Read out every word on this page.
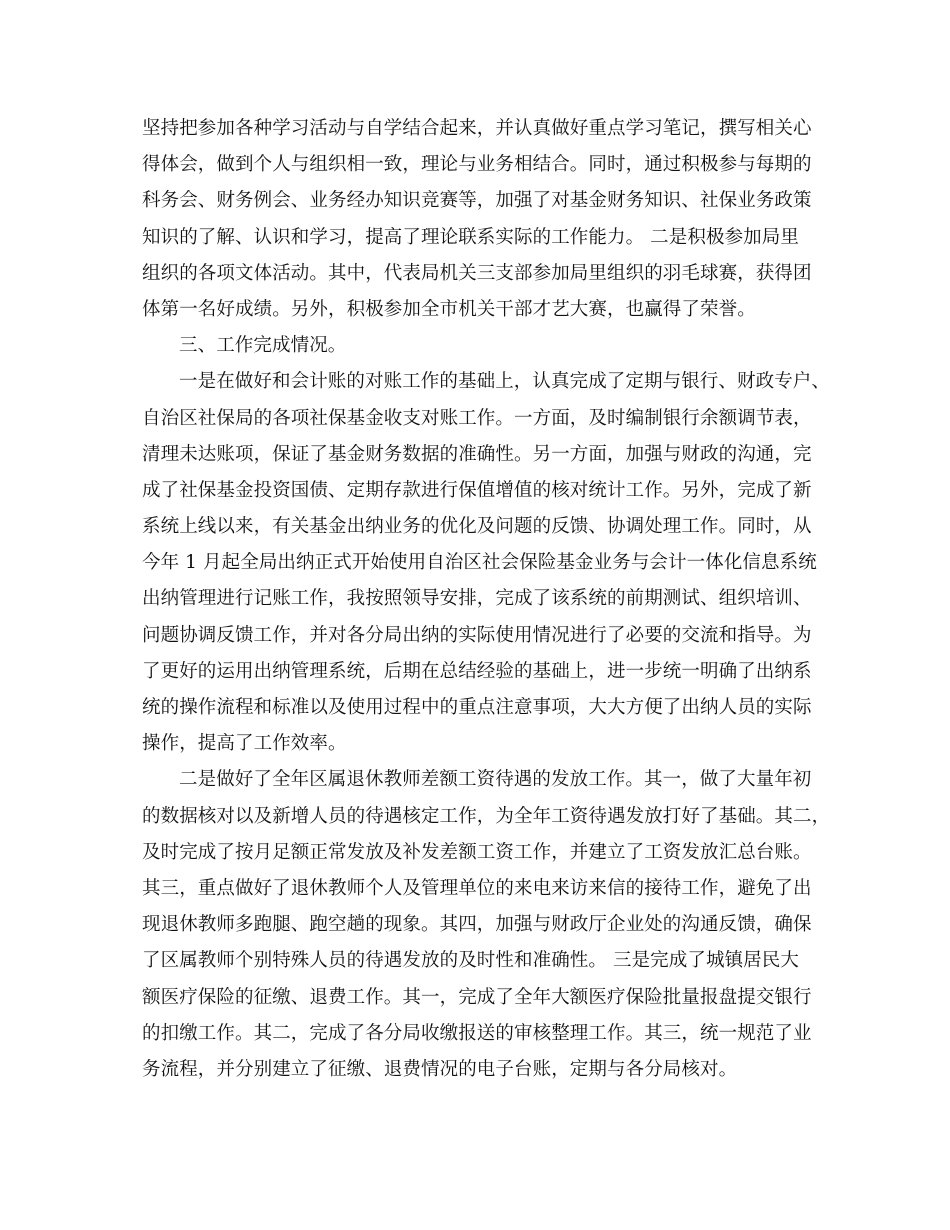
坚持把参加各种学习活动与自学结合起来，并认真做好重点学习笔记，撰写相关心
得体会，做到个人与组织相一致，理论与业务相结合。同时，通过积极参与每期的
科务会、财务例会、业务经办知识竞赛等，加强了对基金财务知识、社保业务政策
知识的了解、认识和学习，提高了理论联系实际的工作能力。 二是积极参加局里
组织的各项文体活动。其中，代表局机关三支部参加局里组织的羽毛球赛，获得团
体第一名好成绩。另外，积极参加全市机关干部才艺大赛，也赢得了荣誉。
三、工作完成情况。
一是在做好和会计账的对账工作的基础上，认真完成了定期与银行、财政专户、
自治区社保局的各项社保基金收支对账工作。一方面，及时编制银行余额调节表，
清理未达账项，保证了基金财务数据的准确性。另一方面，加强与财政的沟通，完
成了社保基金投资国债、定期存款进行保值增值的核对统计工作。另外，完成了新
系统上线以来，有关基金出纳业务的优化及问题的反馈、协调处理工作。同时，从
今年 1 月起全局出纳正式开始使用自治区社会保险基金业务与会计一体化信息系统
出纳管理进行记账工作，我按照领导安排，完成了该系统的前期测试、组织培训、
问题协调反馈工作，并对各分局出纳的实际使用情况进行了必要的交流和指导。为
了更好的运用出纳管理系统，后期在总结经验的基础上，进一步统一明确了出纳系
统的操作流程和标准以及使用过程中的重点注意事项，大大方便了出纳人员的实际
操作，提高了工作效率。
二是做好了全年区属退休教师差额工资待遇的发放工作。其一，做了大量年初
的数据核对以及新增人员的待遇核定工作，为全年工资待遇发放打好了基础。其二，
及时完成了按月足额正常发放及补发差额工资工作，并建立了工资发放汇总台账。
其三，重点做好了退休教师个人及管理单位的来电来访来信的接待工作，避免了出
现退休教师多跑腿、跑空趟的现象。其四，加强与财政厅企业处的沟通反馈，确保
了区属教师个别特殊人员的待遇发放的及时性和准确性。 三是完成了城镇居民大
额医疗保险的征缴、退费工作。其一，完成了全年大额医疗保险批量报盘提交银行
的扣缴工作。其二，完成了各分局收缴报送的审核整理工作。其三，统一规范了业
务流程，并分别建立了征缴、退费情况的电子台账，定期与各分局核对。
